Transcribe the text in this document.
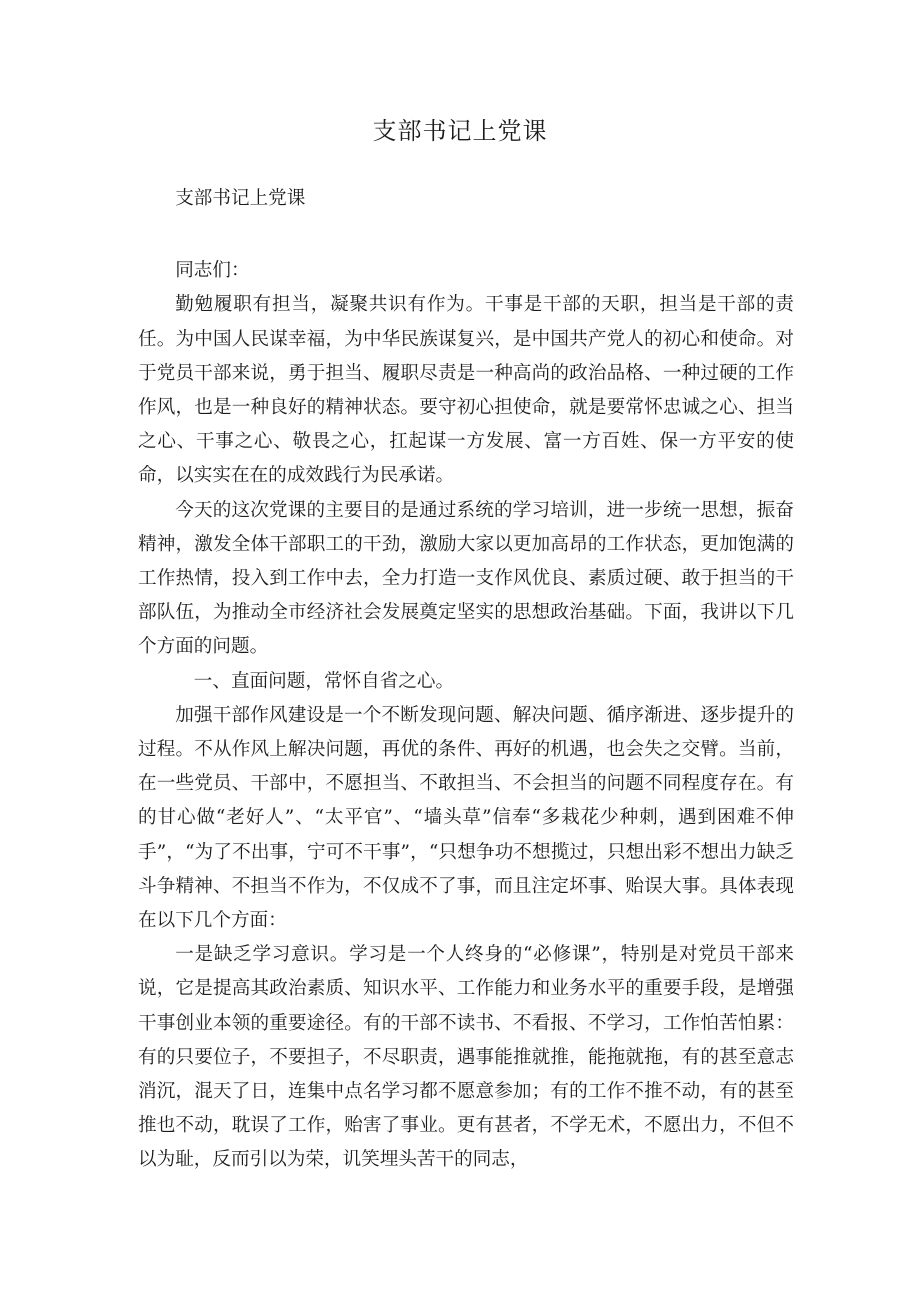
支部书记上党课

支部书记上党课

同志们：

勤勉履职有担当，凝聚共识有作为。干事是干部的天职，担当是干部的责任。为中国人民谋幸福，为中华民族谋复兴，是中国共产党人的初心和使命。对于党员干部来说，勇于担当、履职尽责是一种高尚的政治品格、一种过硬的工作作风，也是一种良好的精神状态。要守初心担使命，就是要常怀忠诚之心、担当之心、干事之心、敬畏之心，扛起谋一方发展、富一方百姓、保一方平安的使命，以实实在在的成效践行为民承诺。

今天的这次党课的主要目的是通过系统的学习培训，进一步统一思想，振奋精神，激发全体干部职工的干劲，激励大家以更加高昂的工作状态，更加饱满的工作热情，投入到工作中去，全力打造一支作风优良、素质过硬、敢于担当的干部队伍，为推动全市经济社会发展奠定坚实的思想政治基础。下面，我讲以下几个方面的问题。

一、直面问题，常怀自省之心。

加强干部作风建设是一个不断发现问题、解决问题、循序渐进、逐步提升的过程。不从作风上解决问题，再优的条件、再好的机遇，也会失之交臂。当前，在一些党员、干部中，不愿担当、不敢担当、不会担当的问题不同程度存在。有的甘心做“老好人”、“太平官”、“墙头草”信奉“多栽花少种刺，遇到困难不伸手”，“为了不出事，宁可不干事”，“只想争功不想揽过，只想出彩不想出力缺乏斗争精神、不担当不作为，不仅成不了事，而且注定坏事、贻误大事。具体表现在以下几个方面：

一是缺乏学习意识。学习是一个人终身的“必修课”，特别是对党员干部来说，它是提高其政治素质、知识水平、工作能力和业务水平的重要手段，是增强干事创业本领的重要途径。有的干部不读书、不看报、不学习，工作怕苦怕累：有的只要位子，不要担子，不尽职责，遇事能推就推，能拖就拖，有的甚至意志消沉，混天了日，连集中点名学习都不愿意参加；有的工作不推不动，有的甚至推也不动，耽误了工作，贻害了事业。更有甚者，不学无术，不愿出力，不但不以为耻，反而引以为荣，讥笑埋头苦干的同志，
